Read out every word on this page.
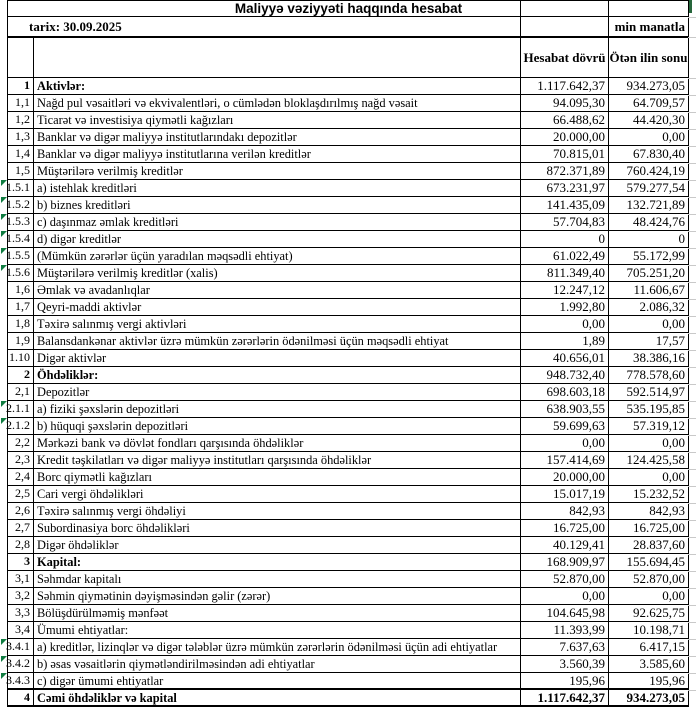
Maliyyə vəziyyəti haqqında hesabat
tarix: 30.09.2025	min manatla
Hesabat dövrü Ötən ilin sonu
1 Aktivlər:	1.117.642,37 934.273,05
1,1 Nağd pul vəsaitləri və ekvivalentləri, o cümlədən bloklaşdırılmış nağd vəsait	94.095,30 64.709,57
1,2 Ticarət və investisiya qiymətli kağızları	66.488,62 44.420,30
1,3 Banklar və digər maliyyə institutlarındakı depozitlər	20.000,00	0,00
1,4 Banklar və digər maliyyə institutlarına verilən kreditlər	70.815,01 67.830,40
1,5 Müştərilərə verilmiş kreditlər	872.371,89 760.424,19
1.5.1 a) istehlak kreditləri	673.231,97 579.277,54
1.5.2 b) biznes kreditləri	141.435,09 132.721,89
1.5.3 c) daşınmaz əmlak kreditləri	57.704,83 48.424,76
1.5.4 d) digər kreditlər	0	0
1.5.5 (Mümkün zərərlər üçün yaradılan məqsədli ehtiyat)	61.022,49 55.172,99
1.5.6 Müştərilərə verilmiş kreditlər (xalis)	811.349,40 705.251,20
1,6 Əmlak və avadanlıqlar	12.247,12 11.606,67
1,7 Qeyri-maddi aktivlər	1.992,80	2.086,32
1,8 Təxirə salınmış vergi aktivləri	0,00	0,00
1,9 Balansdankənar aktivlər üzrə mümkün zərərlərin ödənilməsi üçün məqsədli ehtiyat	1,89	17,57
1.10 Digər aktivlər	40.656,01 38.386,16
2 Öhdəliklər:	948.732,40 778.578,60
2,1 Depozitlər	698.603,18 592.514,97
2.1.1 a) fiziki şəxslərin depozitləri	638.903,55 535.195,85
2.1.2 b) hüquqi şəxslərin depozitləri	59.699,63 57.319,12
2,2 Mərkəzi bank və dövlət fondları qarşısında öhdəliklər	0,00	0,00
2,3 Kredit təşkilatları və digər maliyyə institutları qarşısında öhdəliklər	157.414,69 124.425,58
2,4 Borc qiymətli kağızları	20.000,00	0,00
2,5 Cari vergi öhdəlikləri	15.017,19 15.232,52
2,6 Təxirə salınmış vergi öhdəliyi	842,93	842,93
2,7 Subordinasiya borc öhdəlikləri	16.725,00 16.725,00
2,8 Digər öhdəliklər	40.129,41 28.837,60
3 Kapital:	168.909,97 155.694,45
3,1 Səhmdar kapitalı	52.870,00 52.870,00
3,2 Səhmin qiymətinin dəyişməsindən gəlir (zərər)	0,00	0,00
3,3 Bölüşdürülməmiş mənfəət	104.645,98 92.625,75
3,4 Ümumi ehtiyatlar:	11.393,99 10.198,71
3.4.1 a) kreditlər, lizinqlər və digər tələblər üzrə mümkün zərərlərin ödənilməsi üçün adi ehtiyatlar	7.637,63	6.417,15
3.4.2 b) əsas vəsaitlərin qiymətləndirilməsindən adi ehtiyatlar	3.560,39	3.585,60
3.4.3 c) digər ümumi ehtiyatlar	195,96	195,96
4 Cəmi öhdəliklər və kapital	1.117.642,37 934.273,05
